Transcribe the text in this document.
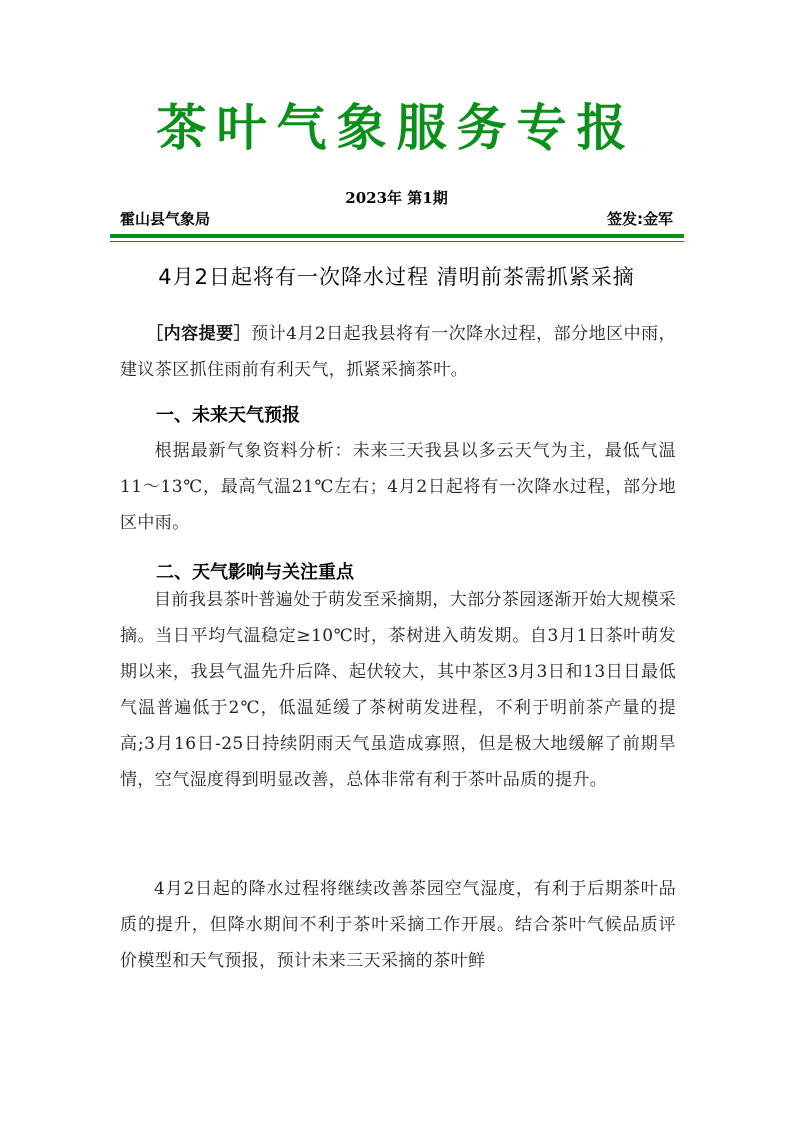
茶叶气象服务专报
2023年 第1期
霍山县气象局	签发:金军
4月2日起将有一次降水过程 清明前茶需抓紧采摘
［内容提要］预计4月2日起我县将有一次降水过程，部分地区中雨，建议茶区抓住雨前有利天气，抓紧采摘茶叶。
一、未来天气预报
根据最新气象资料分析：未来三天我县以多云天气为主，最低气温11～13℃，最高气温21℃左右；4月2日起将有一次降水过程，部分地区中雨。
二、天气影响与关注重点
目前我县茶叶普遍处于萌发至采摘期，大部分茶园逐渐开始大规模采摘。当日平均气温稳定≥10℃时，茶树进入萌发期。自3月1日茶叶萌发期以来，我县气温先升后降、起伏较大，其中茶区3月3日和13日日最低气温普遍低于2℃，低温延缓了茶树萌发进程，不利于明前茶产量的提高;3月16日-25日持续阴雨天气虽造成寡照，但是极大地缓解了前期旱情，空气湿度得到明显改善，总体非常有利于茶叶品质的提升。
4月2日起的降水过程将继续改善茶园空气湿度，有利于后期茶叶品质的提升，但降水期间不利于茶叶采摘工作开展。结合茶叶气候品质评价模型和天气预报，预计未来三天采摘的茶叶鲜
